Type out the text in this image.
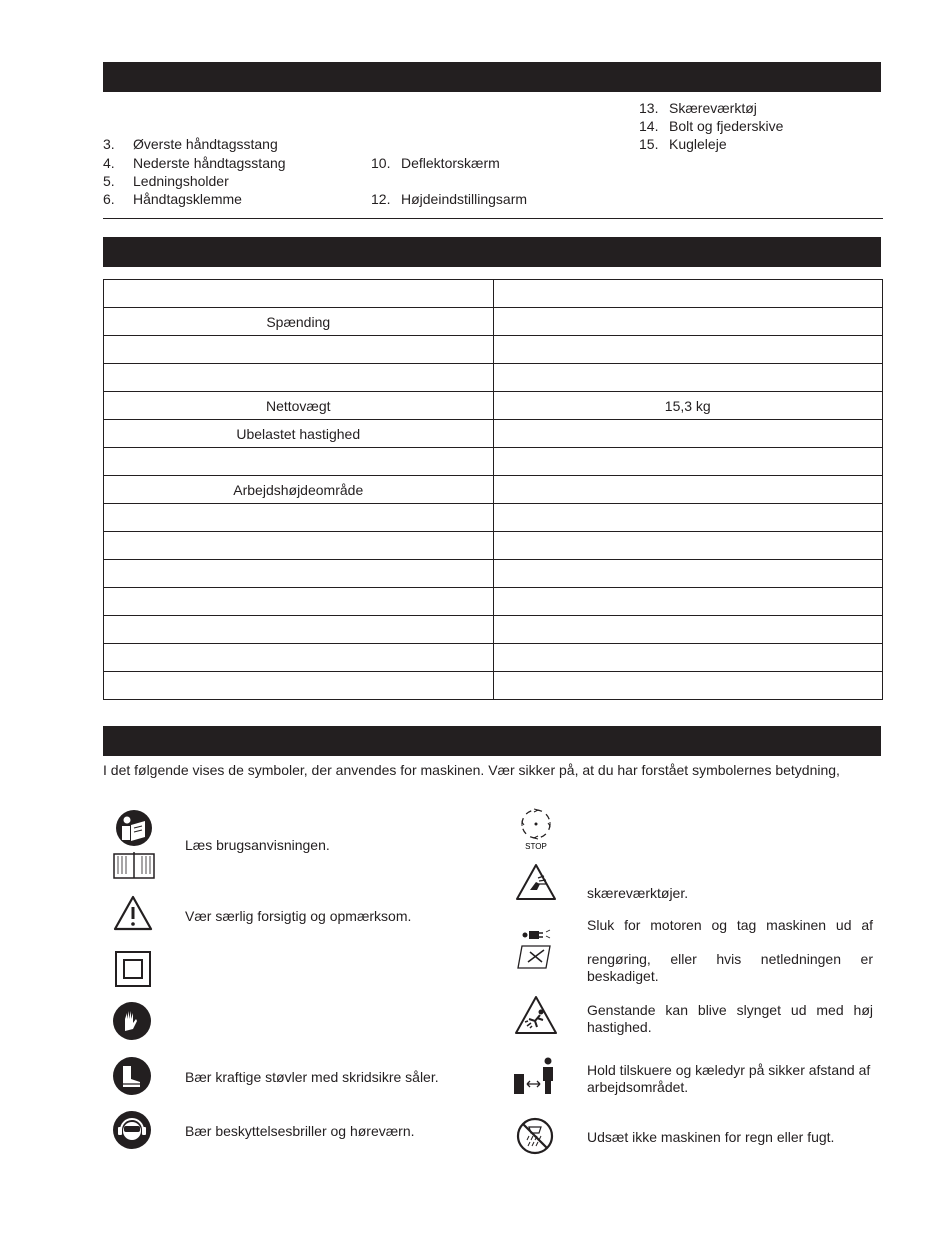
3. Øverste håndtagsstang
4. Nederste håndtagsstang
5. Ledningsholder
6. Håndtagsklemme
10. Deflektorskærm
12. Højdeindstillingsarm
13. Skæreværktøj
14. Bolt og fjederskive
15. Kugleleje

Spænding	

Nettovægt	15,3 kg
Ubelastet hastighed	

Arbejdshøjdeområde	

I det følgende vises de symboler, der anvendes for maskinen. Vær sikker på, at du har forstået symbolernes betydning,
Læs brugsanvisningen.
Vær særlig forsigtig og opmærksom.
Bær kraftige støvler med skridsikre såler.
Bær beskyttelsesbriller og høreværn.
STOP
skæreværktøjer.
Sluk for motoren og tag maskinen ud af
rengøring, eller hvis netledningen er beskadiget.
Genstande kan blive slynget ud med høj hastighed.
Hold tilskuere og kæledyr på sikker afstand af arbejdsområdet.
Udsæt ikke maskinen for regn eller fugt.
